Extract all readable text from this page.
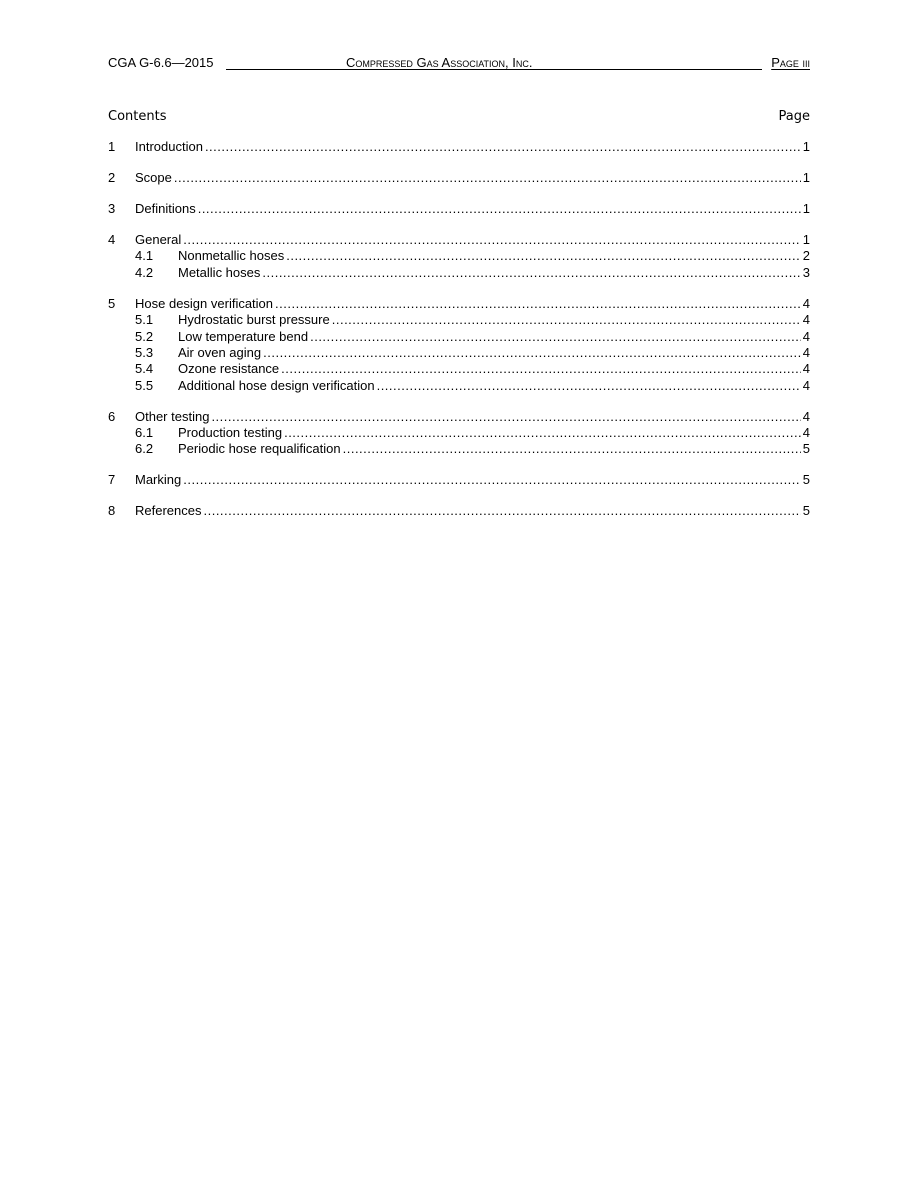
CGA G-6.6—2015	Compressed Gas Association, Inc.	Page iii
Contents	Page
1	Introduction .....	1
2	Scope .....	1
3	Definitions .....	1
4	General .....	1
4.1	Nonmetallic hoses .....	2
4.2	Metallic hoses .....	3
5	Hose design verification .....	4
5.1	Hydrostatic burst pressure .....	4
5.2	Low temperature bend .....	4
5.3	Air oven aging .....	4
5.4	Ozone resistance .....	4
5.5	Additional hose design verification .....	4
6	Other testing .....	4
6.1	Production testing .....	4
6.2	Periodic hose requalification .....	5
7	Marking .....	5
8	References .....	5
